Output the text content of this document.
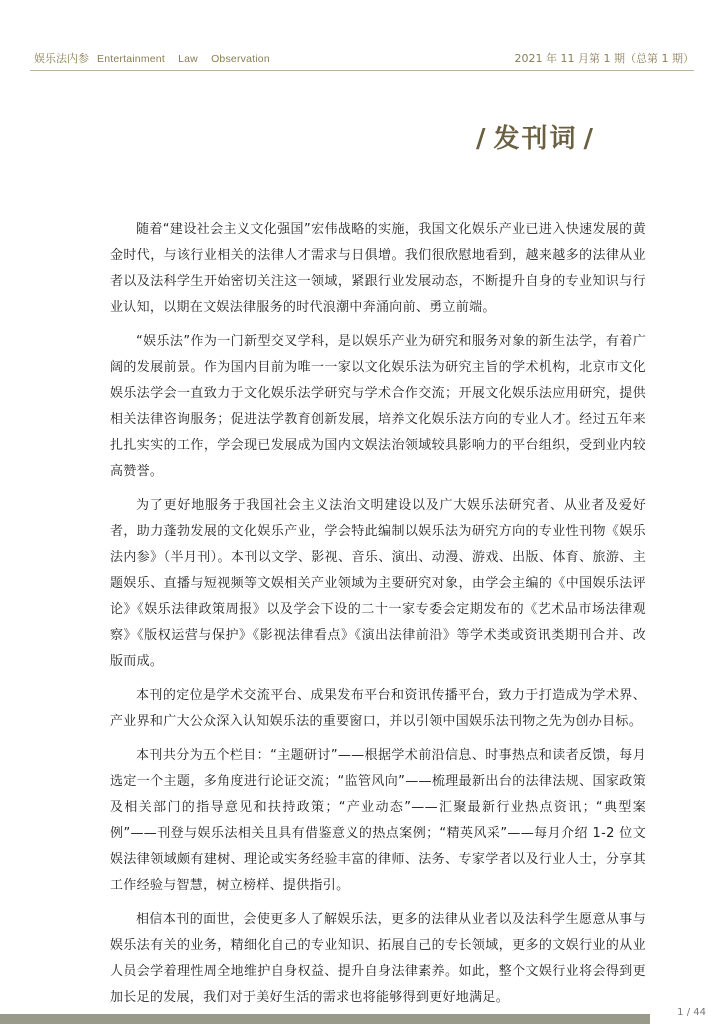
娱乐法内参 Entertainment Law Observation	2021 年 11 月第 1 期（总第 1 期）
/ 发刊词 /

随着“建设社会主义文化强国”宏伟战略的实施，我国文化娱乐产业已进入快速发展的黄金时代，与该行业相关的法律人才需求与日俱增。我们很欣慰地看到，越来越多的法律从业者以及法科学生开始密切关注这一领域，紧跟行业发展动态，不断提升自身的专业知识与行业认知，以期在文娱法律服务的时代浪潮中奔涌向前、勇立前端。

“娱乐法”作为一门新型交叉学科，是以娱乐产业为研究和服务对象的新生法学，有着广阔的发展前景。作为国内目前为唯一一家以文化娱乐法为研究主旨的学术机构，北京市文化娱乐法学会一直致力于文化娱乐法学研究与学术合作交流；开展文化娱乐法应用研究，提供相关法律咨询服务；促进法学教育创新发展，培养文化娱乐法方向的专业人才。经过五年来扎扎实实的工作，学会现已发展成为国内文娱法治领域较具影响力的平台组织，受到业内较高赞誉。

为了更好地服务于我国社会主义法治文明建设以及广大娱乐法研究者、从业者及爱好者，助力蓬勃发展的文化娱乐产业，学会特此编制以娱乐法为研究方向的专业性刊物《娱乐法内参》（半月刊）。本刊以文学、影视、音乐、演出、动漫、游戏、出版、体育、旅游、主题娱乐、直播与短视频等文娱相关产业领域为主要研究对象，由学会主编的《中国娱乐法评论》《娱乐法律政策周报》以及学会下设的二十一家专委会定期发布的《艺术品市场法律观察》《版权运营与保护》《影视法律看点》《演出法律前沿》等学术类或资讯类期刊合并、改版而成。

本刊的定位是学术交流平台、成果发布平台和资讯传播平台，致力于打造成为学术界、产业界和广大公众深入认知娱乐法的重要窗口，并以引领中国娱乐法刊物之先为创办目标。

本刊共分为五个栏目：“主题研讨”——根据学术前沿信息、时事热点和读者反馈，每月选定一个主题，多角度进行论证交流；“监管风向”——梳理最新出台的法律法规、国家政策及相关部门的指导意见和扶持政策；“产业动态”——汇聚最新行业热点资讯；“典型案例”——刊登与娱乐法相关且具有借鉴意义的热点案例；“精英风采”——每月介绍 1-2 位文娱法律领域颇有建树、理论或实务经验丰富的律师、法务、专家学者以及行业人士，分享其工作经验与智慧，树立榜样、提供指引。

相信本刊的面世，会使更多人了解娱乐法，更多的法律从业者以及法科学生愿意从事与娱乐法有关的业务，精细化自己的专业知识、拓展自己的专长领域，更多的文娱行业的从业人员会学着理性周全地维护自身权益、提升自身法律素养。如此，整个文娱行业将会得到更加长足的发展，我们对于美好生活的需求也将能够得到更好地满足。

1 / 44
